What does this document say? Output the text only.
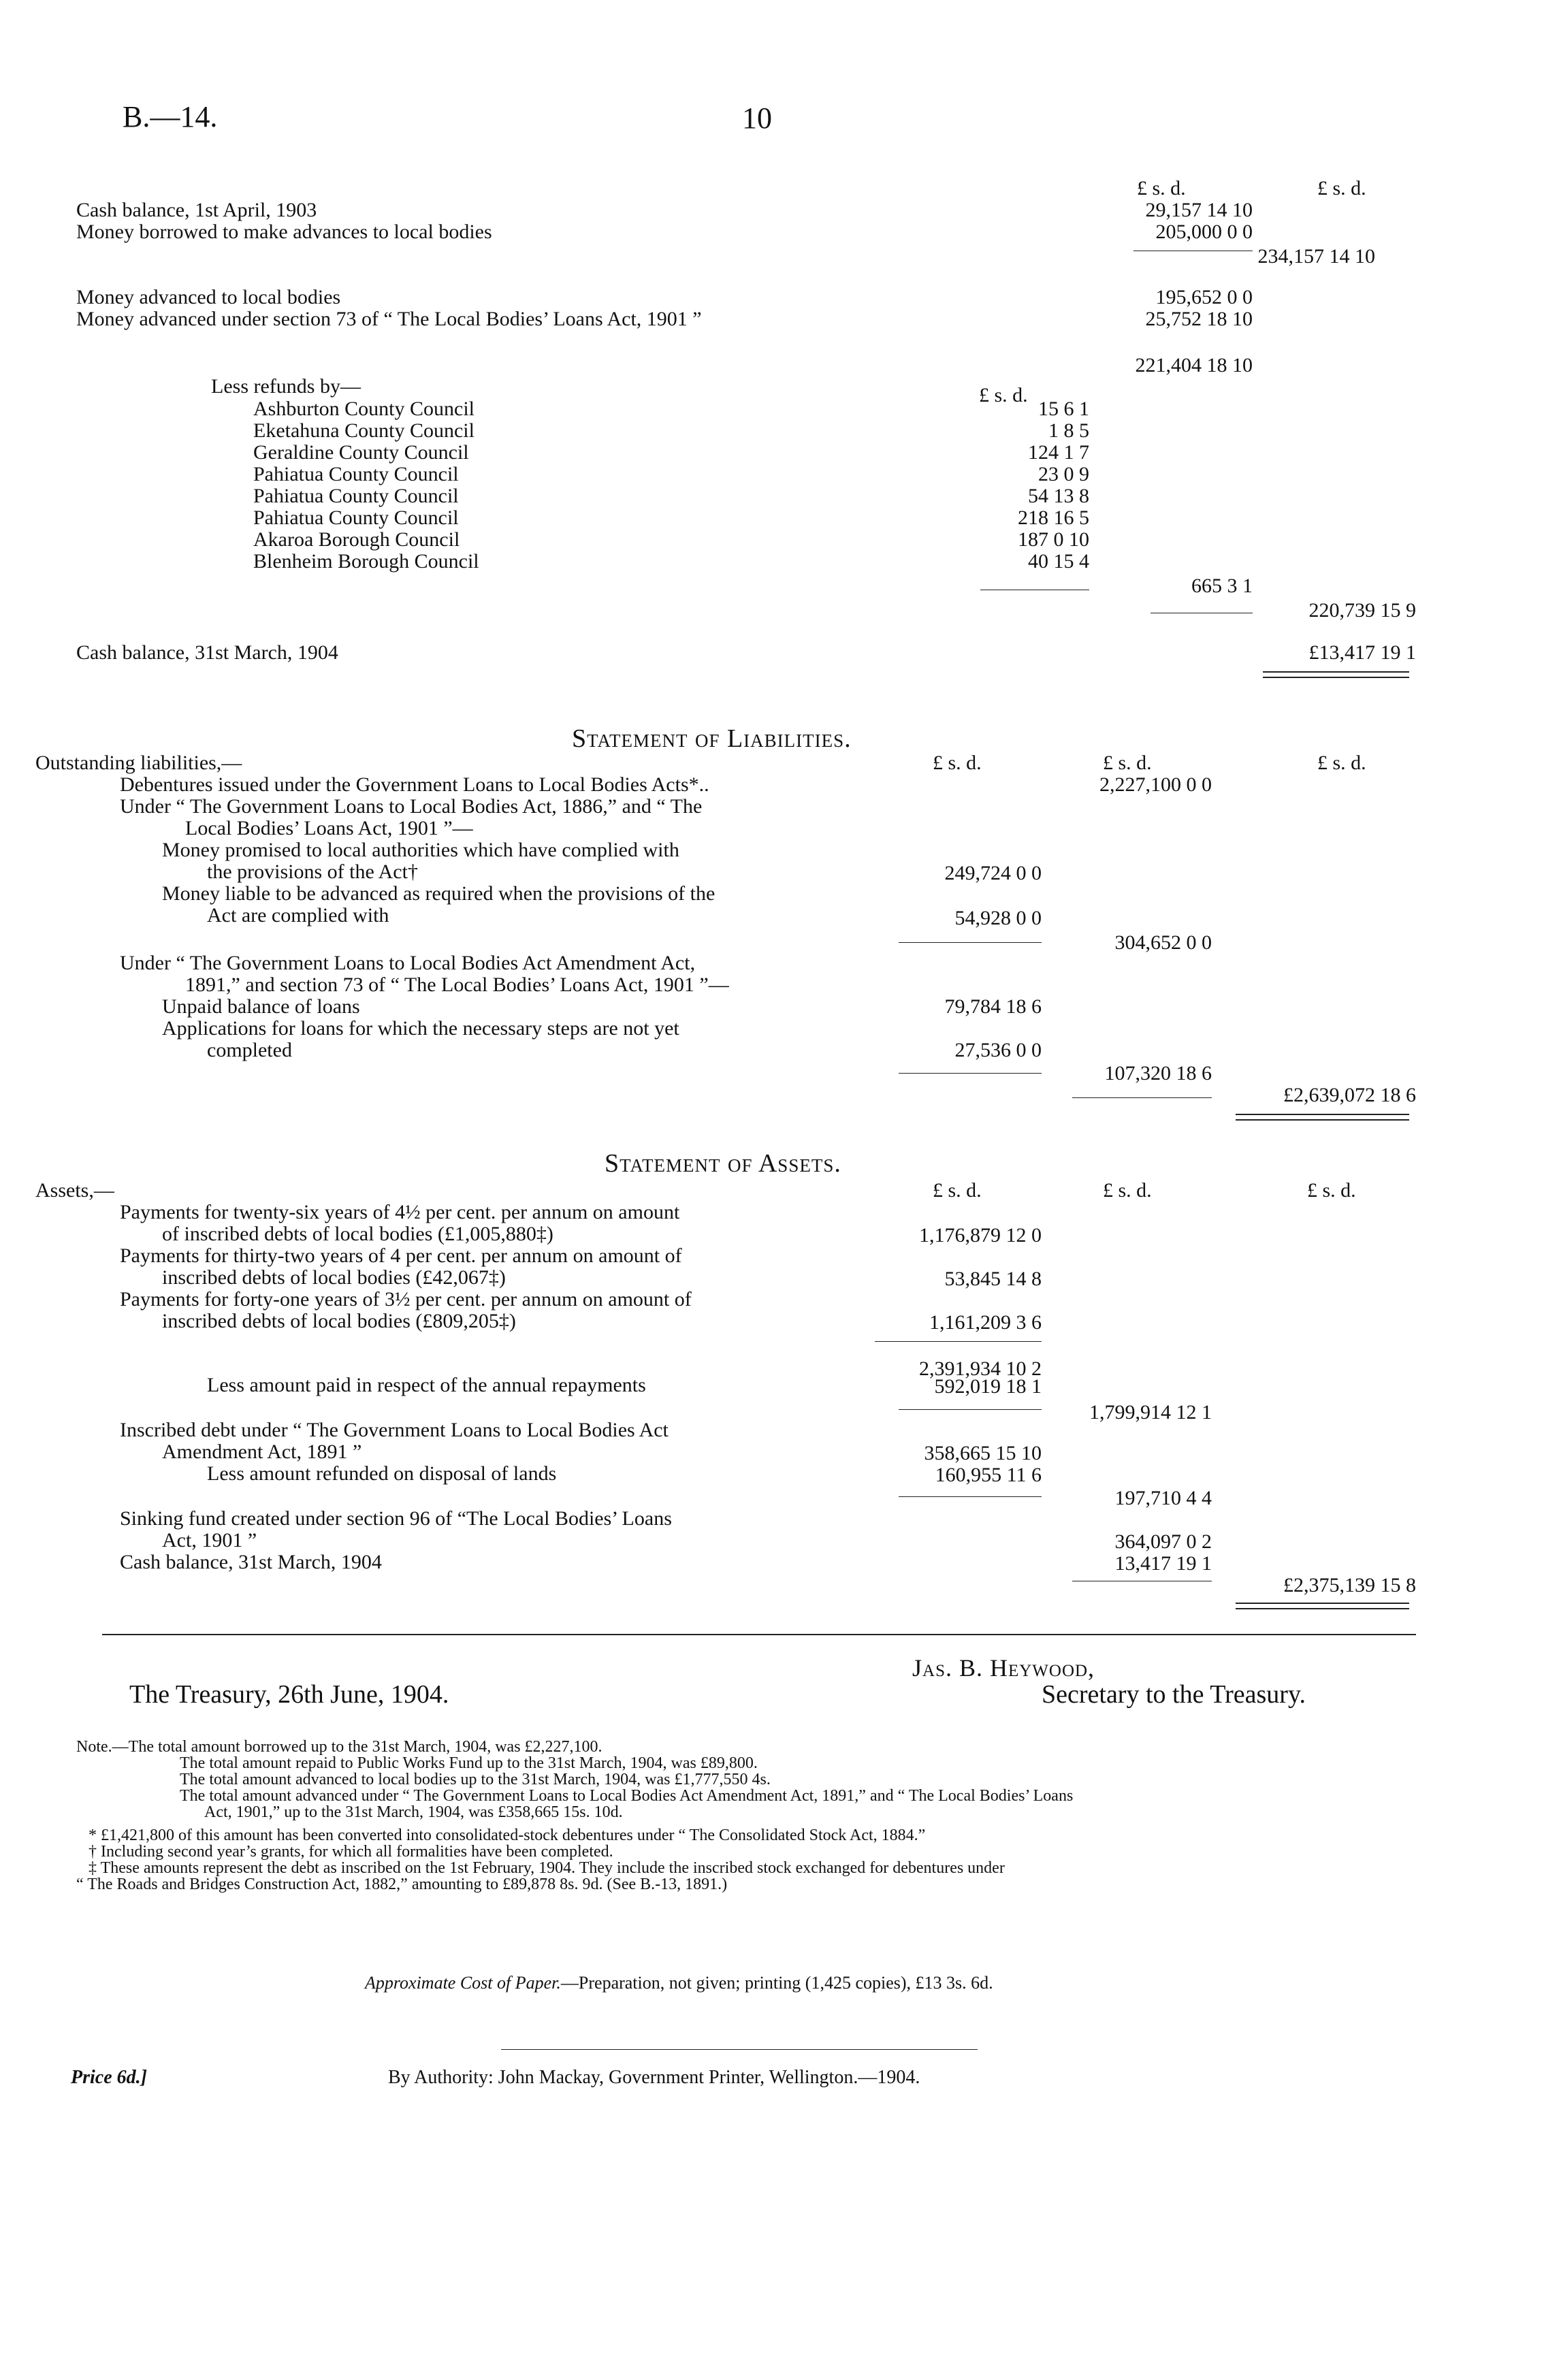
B.—14.	10
£ s. d.	£ s. d.
Cash balance, 1st April, 1903	29,157 14 10
Money borrowed to make advances to local bodies	205,000 0 0
234,157 14 10
Money advanced to local bodies	195,652 0 0
Money advanced under section 73 of “ The Local Bodies’ Loans Act, 1901 ”	25,752 18 10
221,404 18 10
Less refunds by—	£ s. d.
Ashburton County Council	15 6 1
Eketahuna County Council	1 8 5
Geraldine County Council	124 1 7
Pahiatua County Council	23 0 9
Pahiatua County Council	54 13 8
Pahiatua County Council	218 16 5
Akaroa Borough Council	187 0 10
Blenheim Borough Council	40 15 4
665 3 1
220,739 15 9
Cash balance, 31st March, 1904	£13,417 19 1
Statement of Liabilities.
Outstanding liabilities,—	£ s. d.	£ s. d.	£ s. d.
Debentures issued under the Government Loans to Local Bodies Acts*..	2,227,100 0 0
Under “ The Government Loans to Local Bodies Act, 1886,” and “ The
Local Bodies’ Loans Act, 1901 ”—
Money promised to local authorities which have complied with
the provisions of the Act†	249,724 0 0
Money liable to be advanced as required when the provisions of the
Act are complied with	54,928 0 0
304,652 0 0
Under “ The Government Loans to Local Bodies Act Amendment Act,
1891,” and section 73 of “ The Local Bodies’ Loans Act, 1901 ”—
Unpaid balance of loans	79,784 18 6
Applications for loans for which the necessary steps are not yet
completed	27,536 0 0
107,320 18 6
£2,639,072 18 6
Statement of Assets.
Assets,—	£ s. d.	£ s. d.	£ s. d.
Payments for twenty-six years of 4½ per cent. per annum on amount
of inscribed debts of local bodies (£1,005,880‡)	1,176,879 12 0
Payments for thirty-two years of 4 per cent. per annum on amount of
inscribed debts of local bodies (£42,067‡)	53,845 14 8
Payments for forty-one years of 3½ per cent. per annum on amount of
inscribed debts of local bodies (£809,205‡)	1,161,209 3 6
2,391,934 10 2
Less amount paid in respect of the annual repayments	592,019 18 1
1,799,914 12 1
Inscribed debt under “ The Government Loans to Local Bodies Act
Amendment Act, 1891 ”	358,665 15 10
Less amount refunded on disposal of lands	160,955 11 6
197,710 4 4
Sinking fund created under section 96 of “The Local Bodies’ Loans
Act, 1901 ”	364,097 0 2
Cash balance, 31st March, 1904	13,417 19 1
£2,375,139 15 8
Jas. B. Heywood,
The Treasury, 26th June, 1904.	Secretary to the Treasury.
Note.—The total amount borrowed up to the 31st March, 1904, was £2,227,100.
The total amount repaid to Public Works Fund up to the 31st March, 1904, was £89,800.
The total amount advanced to local bodies up to the 31st March, 1904, was £1,777,550 4s.
The total amount advanced under “ The Government Loans to Local Bodies Act Amendment Act, 1891,” and “ The Local Bodies’ Loans
Act, 1901,” up to the 31st March, 1904, was £358,665 15s. 10d.
* £1,421,800 of this amount has been converted into consolidated-stock debentures under “ The Consolidated Stock Act, 1884.”
† Including second year’s grants, for which all formalities have been completed.
‡ These amounts represent the debt as inscribed on the 1st February, 1904. They include the inscribed stock exchanged for debentures under
“ The Roads and Bridges Construction Act, 1882,” amounting to £89,878 8s. 9d. (See B.-13, 1891.)
Approximate Cost of Paper.—Preparation, not given; printing (1,425 copies), £13 3s. 6d.
Price 6d.]	By Authority: John Mackay, Government Printer, Wellington.—1904.
